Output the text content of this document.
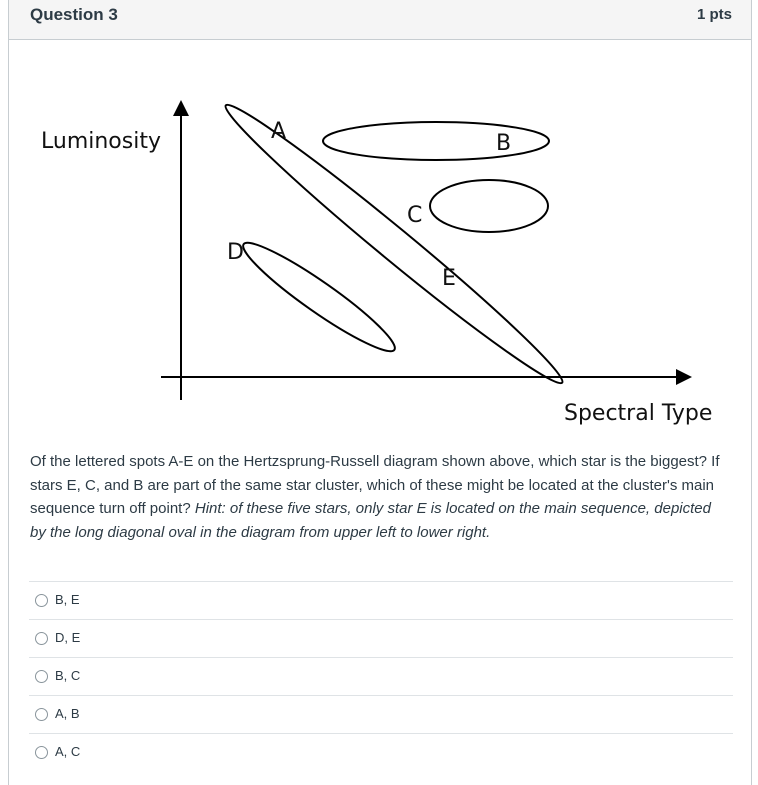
Question 3	1 pts
Luminosity
Spectral Type
A	B
C
D
E
Of the lettered spots A-E on the Hertzsprung-Russell diagram shown above, which star is the biggest? If stars E, C, and B are part of the same star cluster, which of these might be located at the cluster's main sequence turn off point? Hint: of these five stars, only star E is located on the main sequence, depicted by the long diagonal oval in the diagram from upper left to lower right.
B, E
D, E
B, C
A, B
A, C
